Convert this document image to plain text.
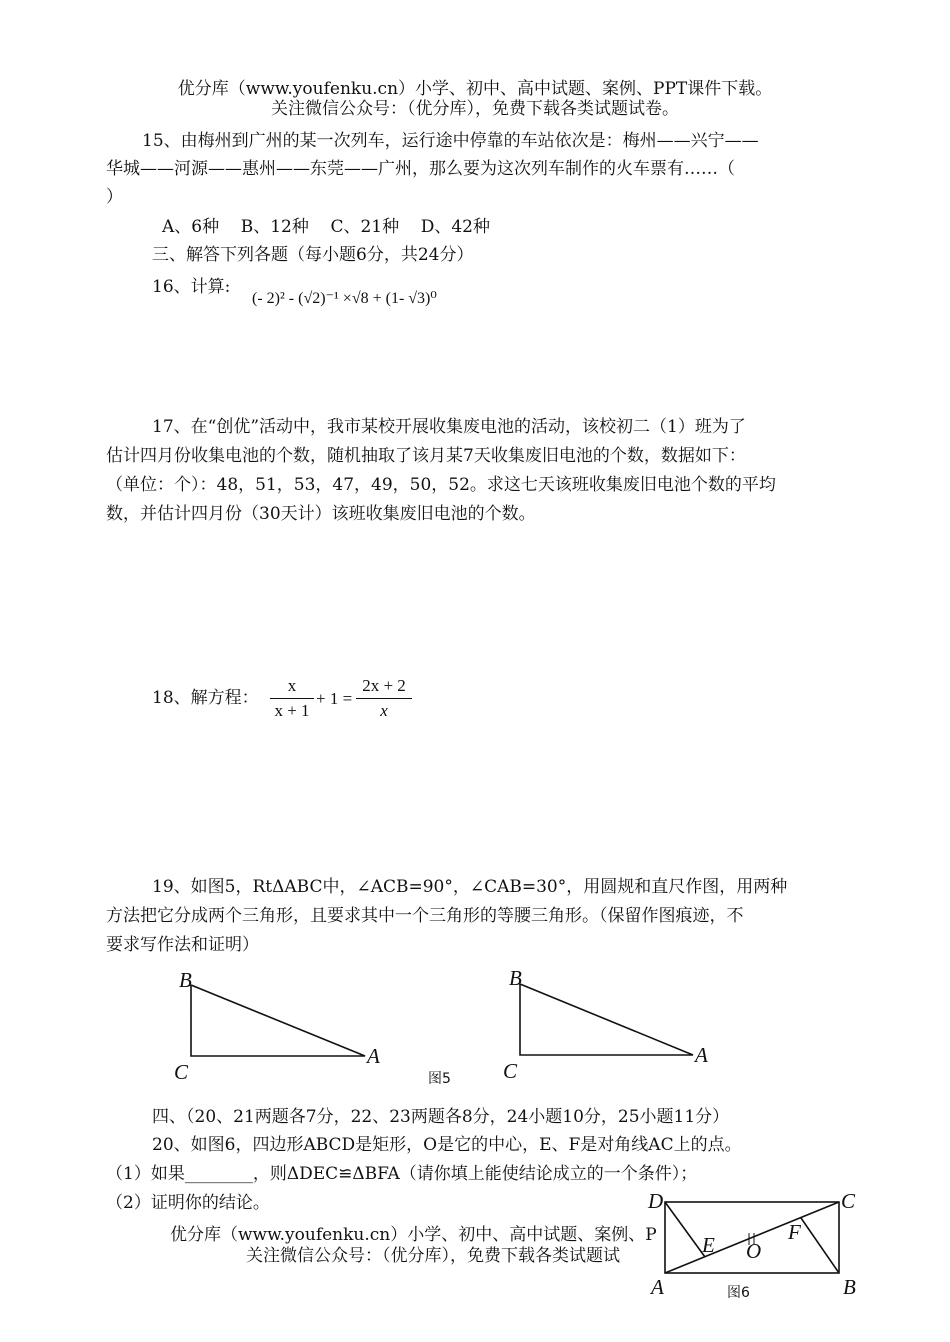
优分库（www.youfenku.cn）小学、初中、高中试题、案例、PPT课件下载。
关注微信公众号：（优分库），免费下载各类试题试卷。
15、由梅州到广州的某一次列车，运行途中停靠的车站依次是：梅州——兴宁——
华城——河源——惠州——东莞——广州，那么要为这次列车制作的火车票有……（
）
A、6种    B、12种    C、21种    D、42种
三、解答下列各题（每小题6分，共24分）
16、计算:
(- 2)² - (√2)⁻¹ ×√8 + (1- √3)⁰
17、在“创优”活动中，我市某校开展收集废电池的活动，该校初二（1）班为了
估计四月份收集电池的个数，随机抽取了该月某7天收集废旧电池的个数，数据如下：
（单位：个）：48，51，53，47，49，50，52。求这七天该班收集废旧电池个数的平均
数，并估计四月份（30天计）该班收集废旧电池的个数。
18、解方程： $\frac{x}{x + 1} + 1 = \frac{2x + 2}{x}$
19、如图5，RtΔABC中，∠ACB=90°，∠CAB=30°，用圆规和直尺作图，用两种
方法把它分成两个三角形，且要求其中一个三角形的等腰三角形。（保留作图痕迹，不
要求写作法和证明）
B
C
A
B
C
A
图5
四、（20、21两题各7分，22、23两题各8分，24小题10分，25小题11分）
20、如图6，四边形ABCD是矩形，O是它的中心，E、F是对角线AC上的点。
（1）如果________，则ΔDEC≌ΔBFA（请你填上能使结论成立的一个条件）；
（2）证明你的结论。
优分库（www.youfenku.cn）小学、初中、高中试题、案例、P
关注微信公众号：（优分库），免费下载各类试题试
D	C
A	B
E
F
O
图6
